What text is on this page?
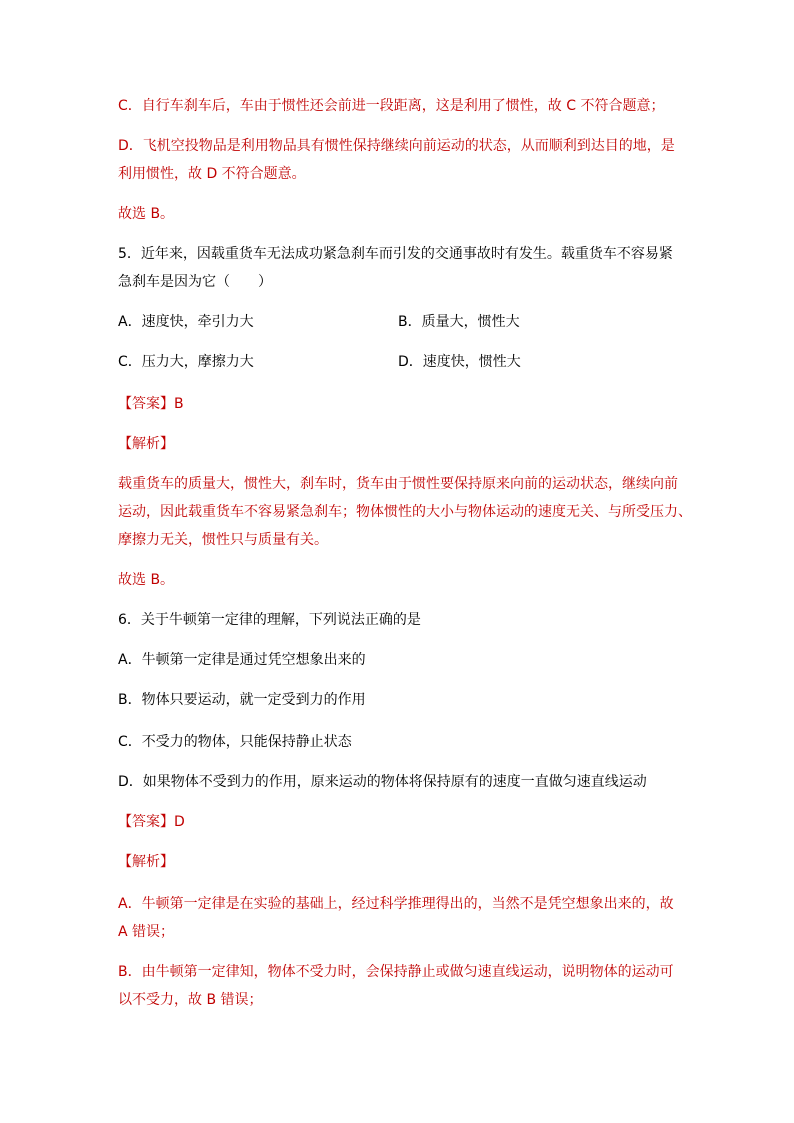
C．自行车刹车后，车由于惯性还会前进一段距离，这是利用了惯性，故 C 不符合题意；
D．飞机空投物品是利用物品具有惯性保持继续向前运动的状态，从而顺利到达目的地，是
利用惯性，故 D 不符合题意。
故选 B。
5．近年来，因载重货车无法成功紧急刹车而引发的交通事故时有发生。载重货车不容易紧
急刹车是因为它（　　）
A．速度快，牵引力大	B．质量大，惯性大
C．压力大，摩擦力大	D．速度快，惯性大
【答案】B
【解析】
载重货车的质量大，惯性大，刹车时，货车由于惯性要保持原来向前的运动状态，继续向前
运动，因此载重货车不容易紧急刹车；物体惯性的大小与物体运动的速度无关、与所受压力、
摩擦力无关，惯性只与质量有关。
故选 B。
6．关于牛顿第一定律的理解，下列说法正确的是
A．牛顿第一定律是通过凭空想象出来的
B．物体只要运动，就一定受到力的作用
C．不受力的物体，只能保持静止状态
D．如果物体不受到力的作用，原来运动的物体将保持原有的速度一直做匀速直线运动
【答案】D
【解析】
A．牛顿第一定律是在实验的基础上，经过科学推理得出的，当然不是凭空想象出来的，故
A 错误；
B．由牛顿第一定律知，物体不受力时，会保持静止或做匀速直线运动，说明物体的运动可
以不受力，故 B 错误；
